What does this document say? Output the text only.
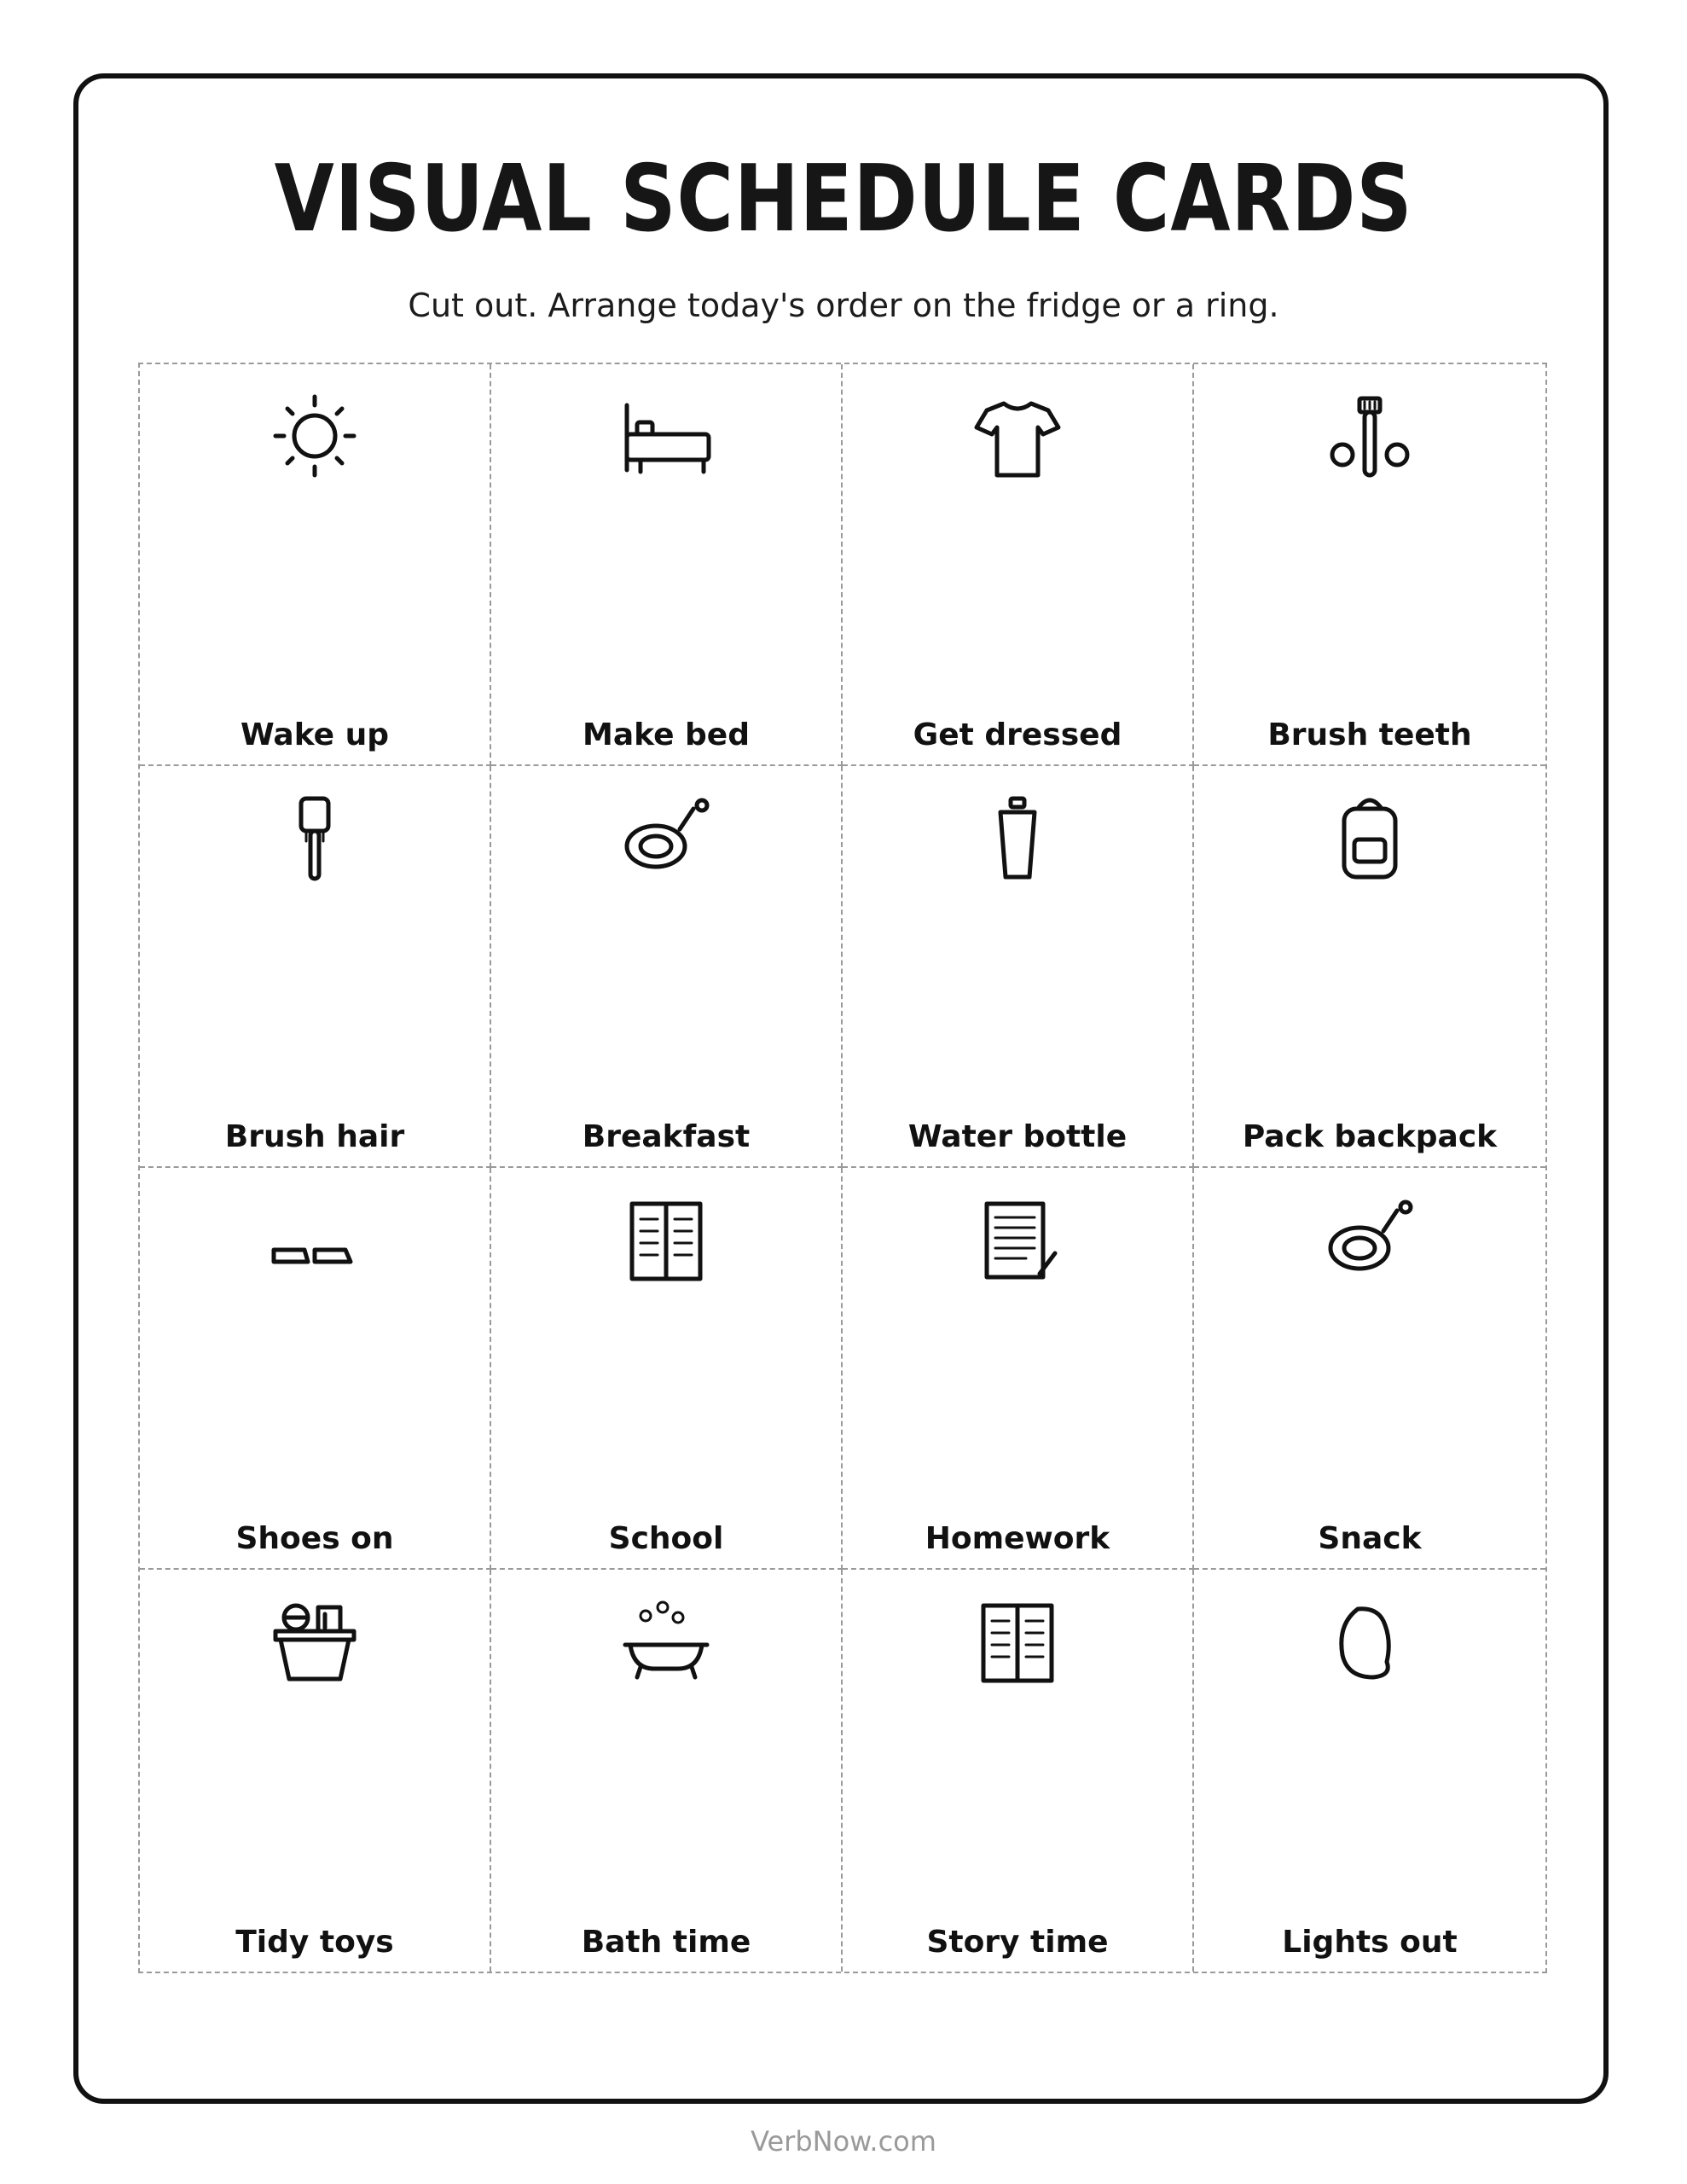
VISUAL SCHEDULE CARDS
Cut out. Arrange today's order on the fridge or a ring.
Wake up	Make bed	Get dressed	Brush teeth
Brush hair	Breakfast	Water bottle	Pack backpack
Shoes on	School	Homework	Snack
Tidy toys	Bath time	Story time	Lights out
VerbNow.com
